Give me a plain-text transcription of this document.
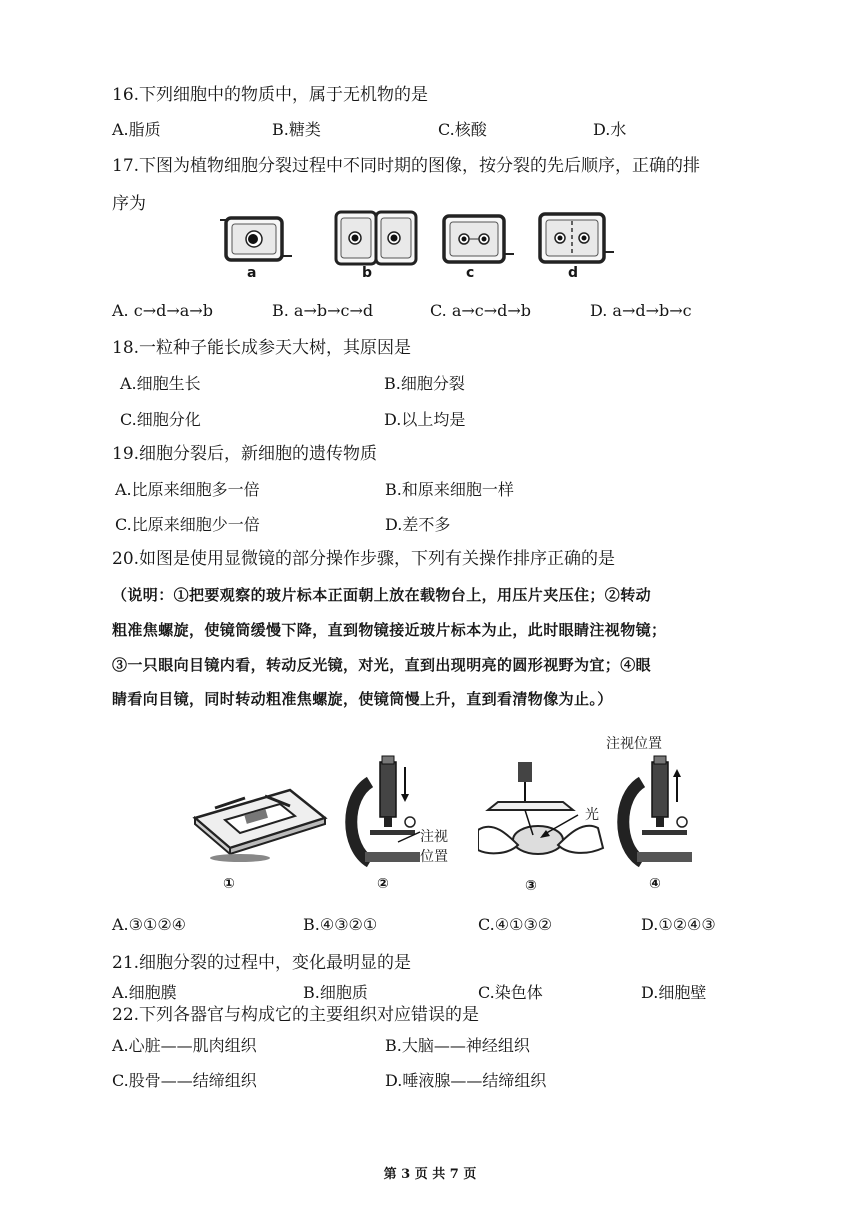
16.下列细胞中的物质中，属于无机物的是
A.脂质	B.糖类	C.核酸	D.水
17.下图为植物细胞分裂过程中不同时期的图像，按分裂的先后顺序，正确的排
序为
a	b	c	d
A. c→d→a→b	B. a→b→c→d	C. a→c→d→b	D. a→d→b→c
18.一粒种子能长成参天大树，其原因是
A.细胞生长	B.细胞分裂
C.细胞分化	D.以上均是
19.细胞分裂后，新细胞的遗传物质
A.比原来细胞多一倍	B.和原来细胞一样
C.比原来细胞少一倍	D.差不多
20.如图是使用显微镜的部分操作步骤，下列有关操作排序正确的是
（说明：①把要观察的玻片标本正面朝上放在载物台上，用压片夹压住；②转动
粗准焦螺旋，使镜筒缓慢下降，直到物镜接近玻片标本为止，此时眼睛注视物镜；
③一只眼向目镜内看，转动反光镜，对光，直到出现明亮的圆形视野为宜；④眼
睛看向目镜，同时转动粗准焦螺旋，使镜筒慢上升，直到看清物像为止。）
注视
位置
光
注视位置
①	②	③	④
A.③①②④	B.④③②①	C.④①③②	D.①②④③
21.细胞分裂的过程中，变化最明显的是
A.细胞膜	B.细胞质	C.染色体	D.细胞壁
22.下列各器官与构成它的主要组织对应错误的是
A.心脏——肌肉组织	B.大脑——神经组织
C.股骨——结缔组织	D.唾液腺——结缔组织
第 3 页 共 7 页
